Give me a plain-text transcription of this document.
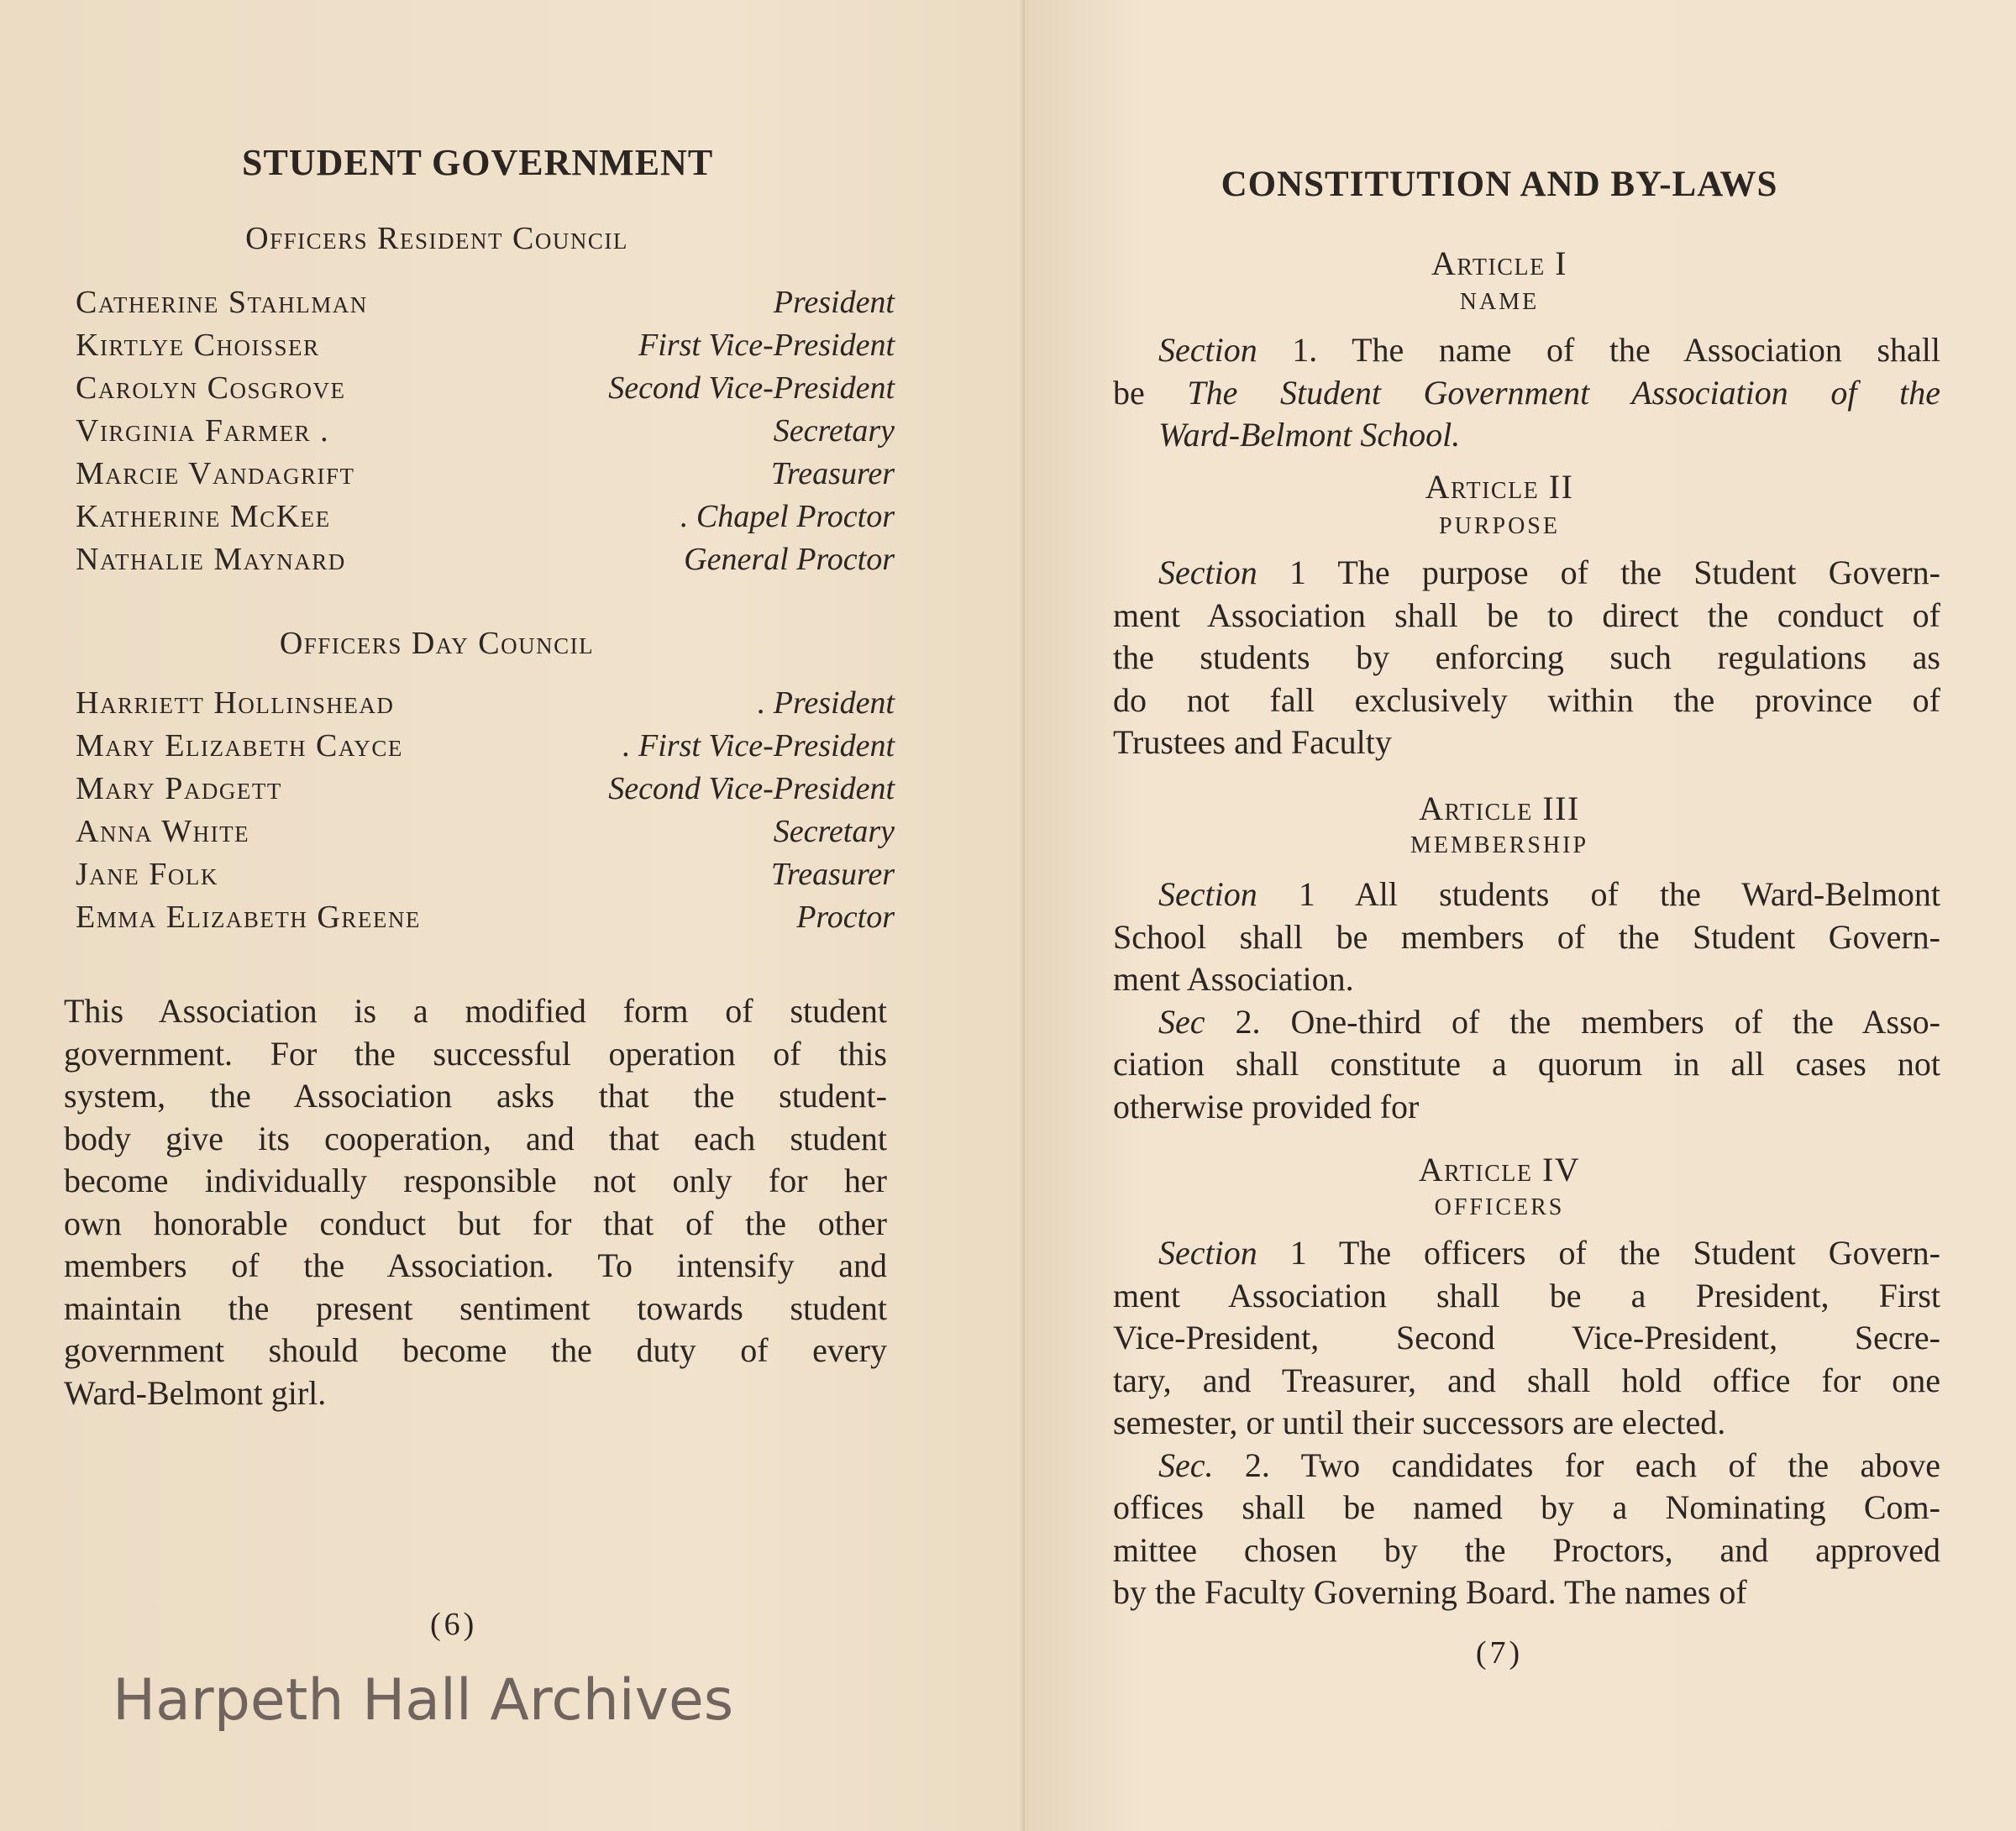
STUDENT GOVERNMENT
Officers Resident Council
Catherine Stahlman	President
Kirtlye Choisser	First Vice-President
Carolyn Cosgrove	Second Vice-President
Virginia Farmer .	Secretary
Marcie Vandagrift	Treasurer
Katherine McKee	. Chapel Proctor
Nathalie Maynard	General Proctor
Officers Day Council
Harriett Hollinshead	. President
Mary Elizabeth Cayce	. First Vice-President
Mary Padgett	Second Vice-President
Anna White	Secretary
Jane Folk	Treasurer
Emma Elizabeth Greene	Proctor
This Association is a modified form of student
government. For the successful operation of this
system, the Association asks that the student-
body give its cooperation, and that each student
become individually responsible not only for her
own honorable conduct but for that of the other
members of the Association. To intensify and
maintain the present sentiment towards student
government should become the duty of every
Ward-Belmont girl.
(6)
Harpeth Hall Archives
CONSTITUTION AND BY-LAWS
Article I
NAME
Section 1. The name of the Association shall
be The Student Government Association of the
Ward-Belmont School.
Article II
PURPOSE
Section 1 The purpose of the Student Govern-
ment Association shall be to direct the conduct of
the students by enforcing such regulations as
do not fall exclusively within the province of
Trustees and Faculty
Article III
MEMBERSHIP
Section 1 All students of the Ward-Belmont
School shall be members of the Student Govern-
ment Association.
Sec 2. One-third of the members of the Asso-
ciation shall constitute a quorum in all cases not
otherwise provided for
Article IV
OFFICERS
Section 1 The officers of the Student Govern-
ment Association shall be a President, First
Vice-President, Second Vice-President, Secre-
tary, and Treasurer, and shall hold office for one
semester, or until their successors are elected.
Sec. 2. Two candidates for each of the above
offices shall be named by a Nominating Com-
mittee chosen by the Proctors, and approved
by the Faculty Governing Board. The names of
(7)
